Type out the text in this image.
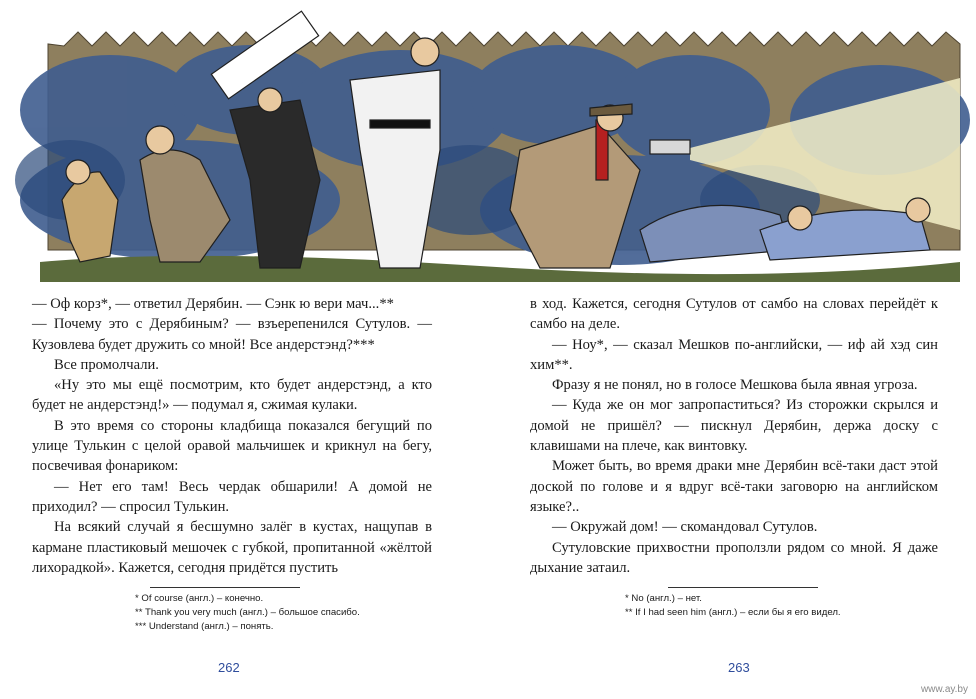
— Оф корз*, — ответил Дерябин. — Сэнк ю вери мач...**

— Почему это с Дерябиным? — взъерепенился Сутулов. — Кузовлева будет дружить со мной! Все андерстэнд?***

Все промолчали.

«Ну это мы ещё посмотрим, кто будет андерстэнд, а кто будет не андерстэнд!» — подумал я, сжимая кулаки.

В это время со стороны кладбища показался бегущий по улице Тулькин с целой оравой мальчишек и крикнул на бегу, посвечивая фонариком:

— Нет его там! Весь чердак обшарили! А домой не приходил? — спросил Тулькин.

На всякий случай я бесшумно залёг в кустах, нащупав в кармане пластиковый мешочек с губкой, пропитанной «жёлтой лихорадкой». Кажется, сегодня придётся пустить

* Of course (англ.) – конечно.

** Thank you very much (англ.) – большое спасибо.

*** Understand (англ.) – понять.

262

в ход. Кажется, сегодня Сутулов от самбо на словах перейдёт к самбо на деле.

— Ноу*, — сказал Мешков по-английски, — иф ай хэд син хим**.

Фразу я не понял, но в голосе Мешкова была явная угроза.

— Куда же он мог запропаститься? Из сторожки скрылся и домой не пришёл? — пискнул Дерябин, держа доску с клавишами на плече, как винтовку.

Может быть, во время драки мне Дерябин всё-таки даст этой доской по голове и я вдруг всё-таки заговорю на английском языке?..

— Окружай дом! — скомандовал Сутулов.

Сутуловские прихвостни проползли рядом со мной. Я даже дыхание затаил.

* No (англ.) – нет.

** If I had seen him (англ.) – если бы я его видел.

263
www.ay.by
